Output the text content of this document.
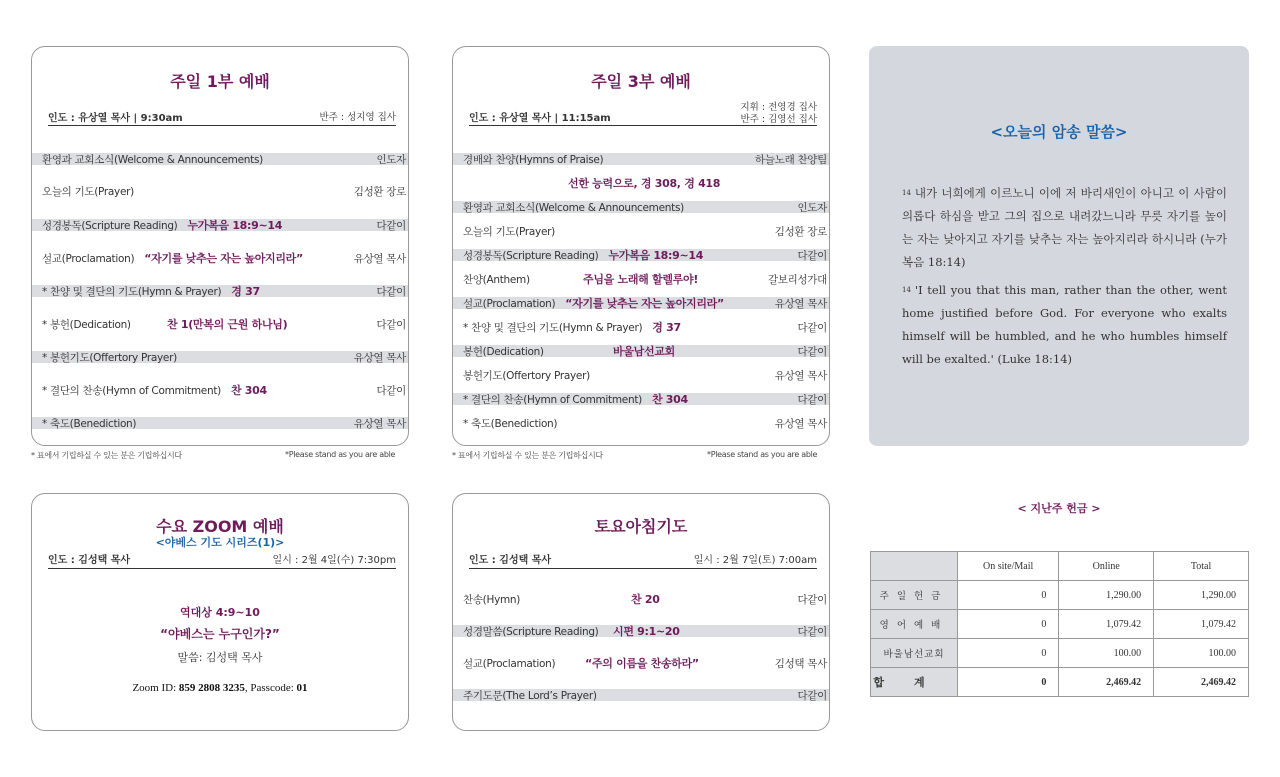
주일 1부 예배
인도 : 유상열 목사 | 9:30am	반주 : 성지영 집사
환영과 교회소식(Welcome & Announcements)	인도자
오늘의 기도(Prayer)	김성환 장로
성경봉독(Scripture Reading) 누가복음 18:9~14	다같이
설교(Proclamation) “자기를 낮추는 자는 높아지리라”	유상열 목사
* 찬양 및 결단의 기도(Hymn & Prayer) 경 37	다같이
* 봉헌(Dedication)	찬 1(만복의 근원 하나님)	다같이
* 봉헌기도(Offertory Prayer)	유상열 목사
* 결단의 찬송(Hymn of Commitment) 찬 304	다같이
* 축도(Benediction)	유상열 목사
* 표에서 기립하실 수 있는 분은 기립하십시다	*Please stand as you are able
주일 3부 예배
인도 : 유상열 목사 | 11:15am
지휘 : 전영경 집사
반주 : 김영선 집사
경배와 찬양(Hymns of Praise)	하늘노래 찬양팀
선한 능력으로, 경 308, 경 418
환영과 교회소식(Welcome & Announcements)	인도자
오늘의 기도(Prayer)	김성환 장로
성경봉독(Scripture Reading) 누가복음 18:9~14	다같이
찬양(Anthem)	주님을 노래해 할렐루야!	갈보리성가대
설교(Proclamation) “자기를 낮추는 자는 높아지리라”	유상열 목사
* 찬양 및 결단의 기도(Hymn & Prayer) 경 37	다같이
봉헌(Dedication)	바울남선교회	다같이
봉헌기도(Offertory Prayer)	유상열 목사
* 결단의 찬송(Hymn of Commitment) 찬 304	다같이
* 축도(Benediction)	유상열 목사
* 표에서 기립하실 수 있는 분은 기립하십시다	*Please stand as you are able
<오늘의 암송 말씀>
$^{14}$ 내가 너희에게 이르노니 이에 저 바리새인이 아니고 이 사람이 의롭다 하심을 받고 그의 집으로 내려갔느니라 무릇 자기를 높이는 자는 낮아지고 자기를 낮추는 자는 높아지리라 하시니라 (누가복음 18:14)
$^{14}$ 'I tell you that this man, rather than the other, went home justified before God. For everyone who exalts himself will be humbled, and he who humbles himself will be exalted.' (Luke 18:14)
수요 ZOOM 예배
<야베스 기도 시리즈(1)>
인도 : 김성택 목사	일시 : 2월 4일(수) 7:30pm
역대상 4:9~10
“야베스는 누구인가?”
말씀: 김성택 목사
Zoom ID: 859 2808 3235, Passcode: 01
토요아침기도
인도 : 김성택 목사	일시 : 2월 7일(토) 7:00am
찬송(Hymn)	찬 20	다같이
성경말씀(Scripture Reading) 시편 9:1~20	다같이
설교(Proclamation)	“주의 이름을 찬송하라”	김성택 목사
주기도문(The Lord’s Prayer)	다같이
< 지난주 헌금 >
	On site/Mail	Online	Total
주일헌금	0	1,290.00	1,290.00
영어예배	0	1,079.42	1,079.42
바울남선교회	0	100.00	100.00
합계	0	2,469.42	2,469.42
